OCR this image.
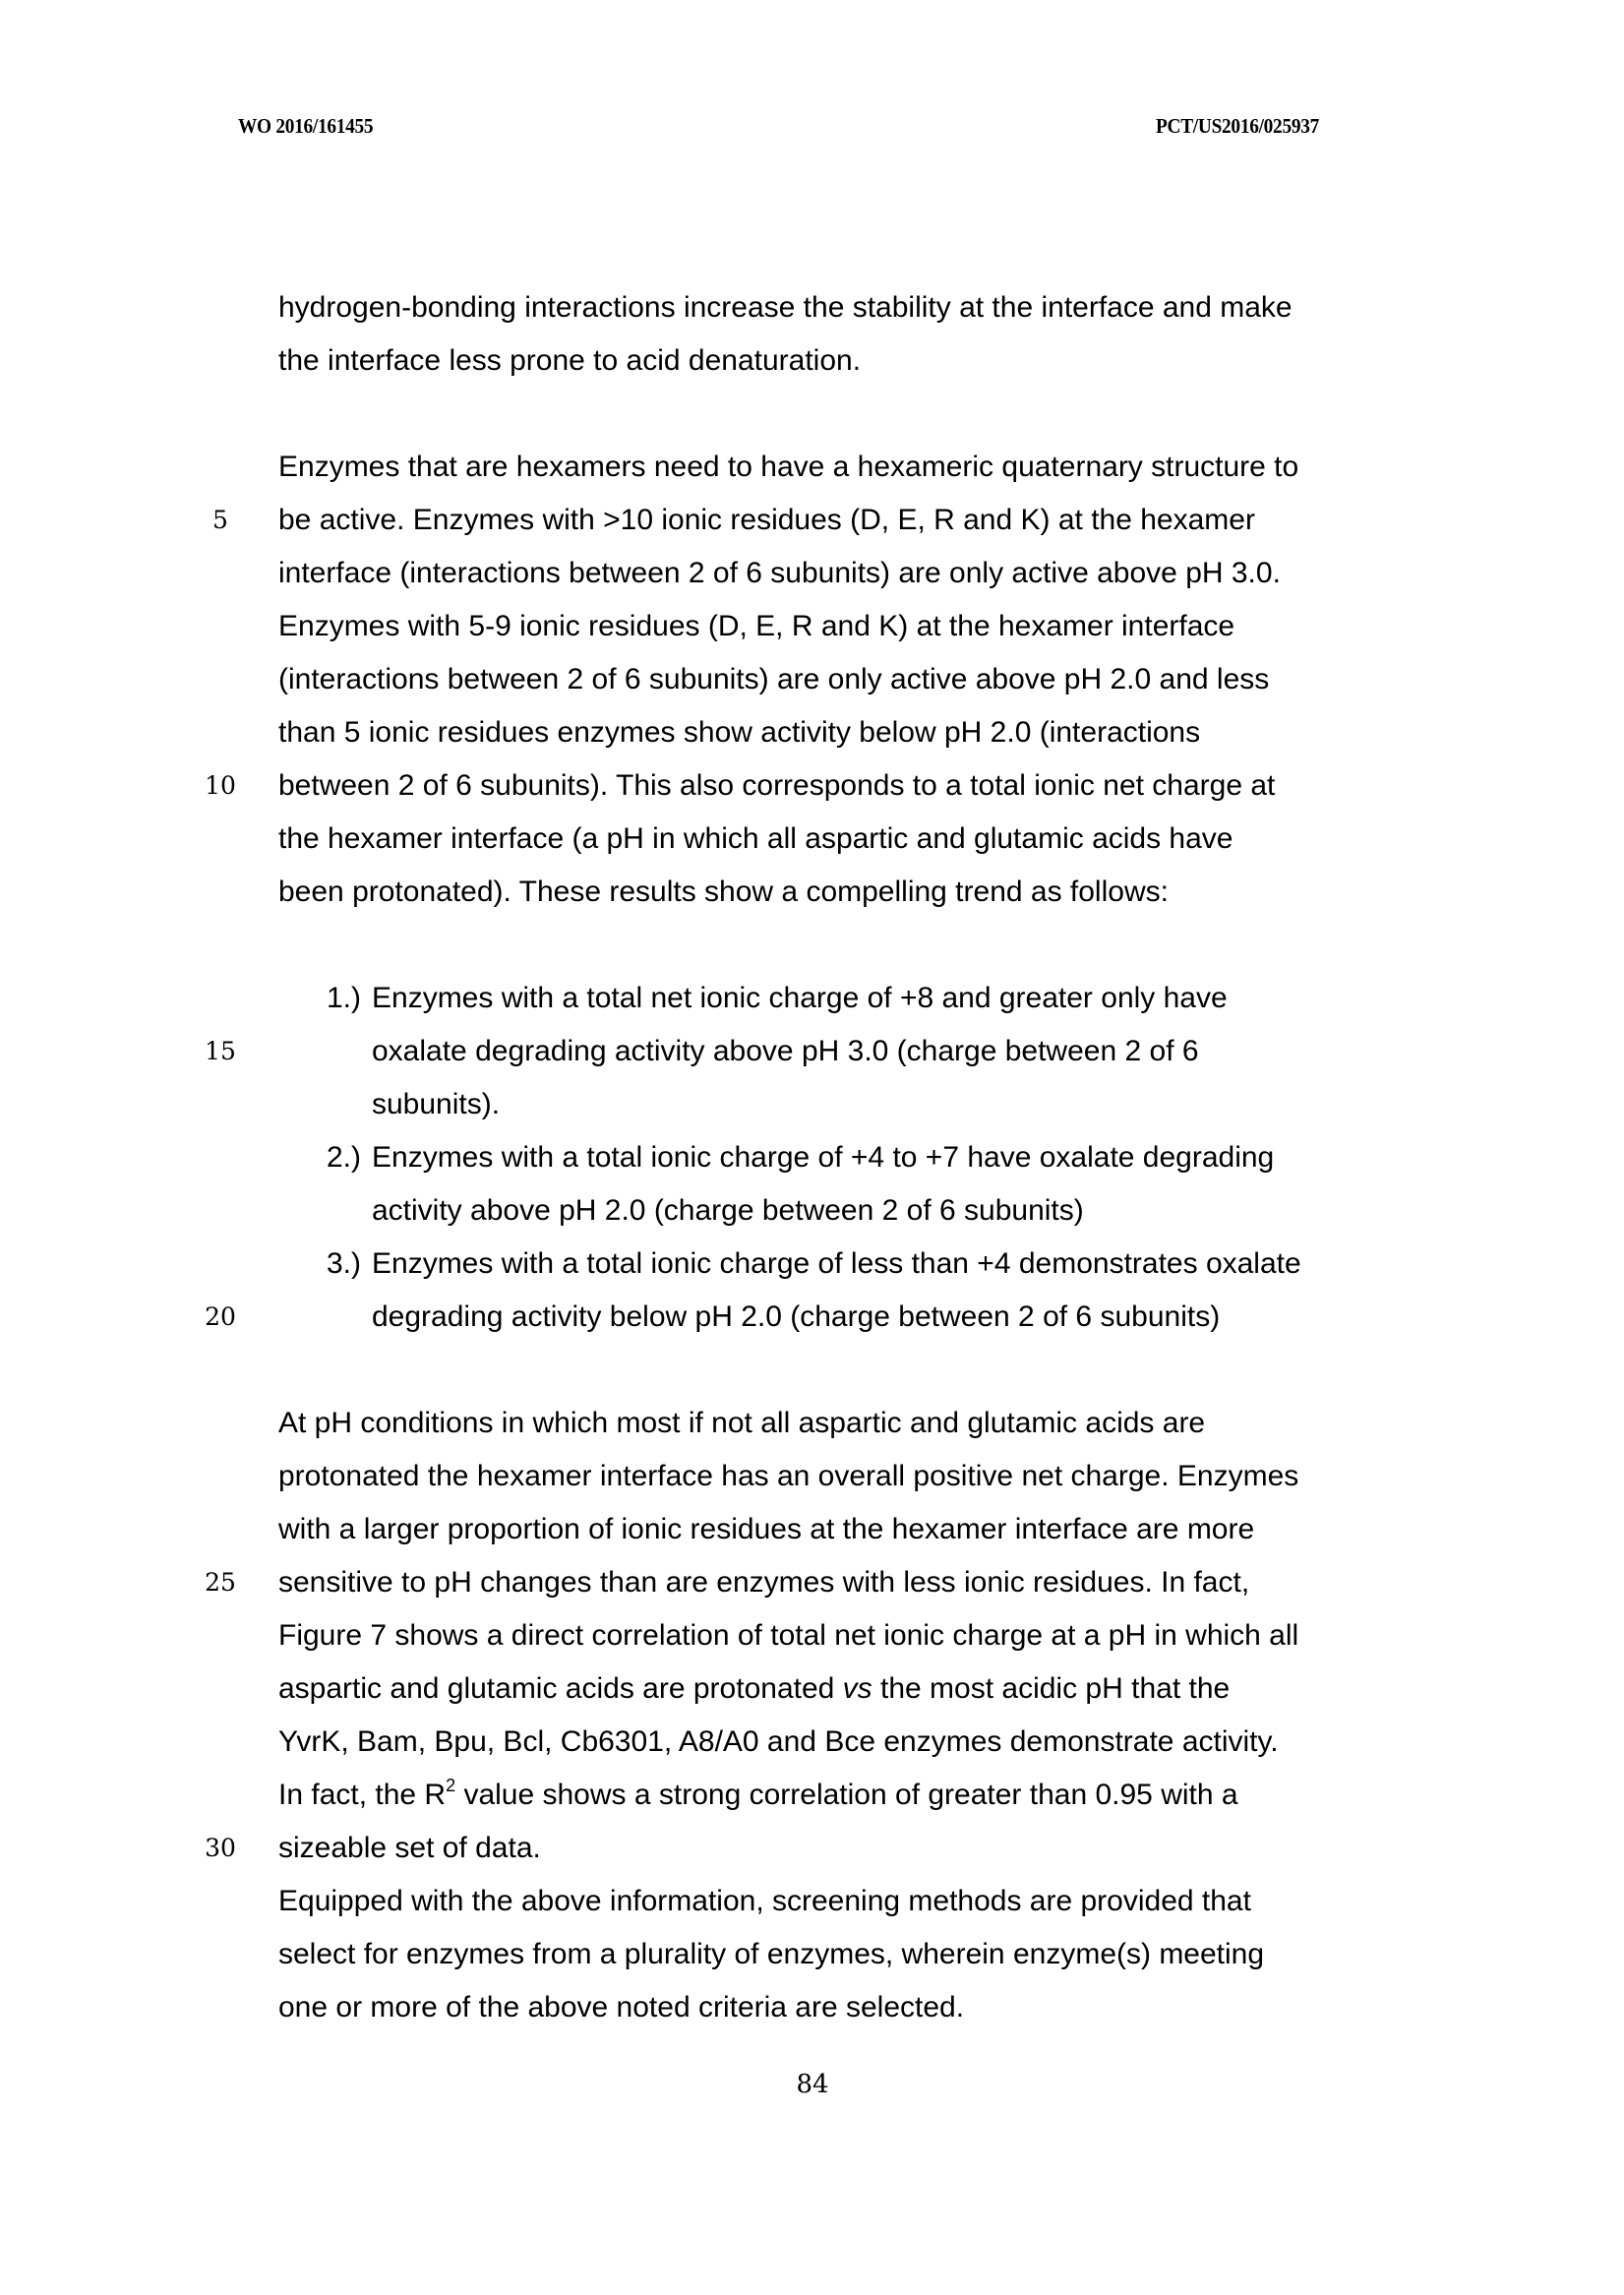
WO 2016/161455	PCT/US2016/025937
hydrogen-bonding interactions increase the stability at the interface and make
the interface less prone to acid denaturation.
Enzymes that are hexamers need to have a hexameric quaternary structure to
5	be active. Enzymes with >10 ionic residues (D, E, R and K) at the hexamer
interface (interactions between 2 of 6 subunits) are only active above pH 3.0.
Enzymes with 5-9 ionic residues (D, E, R and K) at the hexamer interface
(interactions between 2 of 6 subunits) are only active above pH 2.0 and less
than 5 ionic residues enzymes show activity below pH 2.0 (interactions
10 between 2 of 6 subunits). This also corresponds to a total ionic net charge at
the hexamer interface (a pH in which all aspartic and glutamic acids have
been protonated). These results show a compelling trend as follows:
1.) Enzymes with a total net ionic charge of +8 and greater only have
15	oxalate degrading activity above pH 3.0 (charge between 2 of 6
subunits).
2.) Enzymes with a total ionic charge of +4 to +7 have oxalate degrading
activity above pH 2.0 (charge between 2 of 6 subunits)
3.) Enzymes with a total ionic charge of less than +4 demonstrates oxalate
20	degrading activity below pH 2.0 (charge between 2 of 6 subunits)
At pH conditions in which most if not all aspartic and glutamic acids are
protonated the hexamer interface has an overall positive net charge. Enzymes
with a larger proportion of ionic residues at the hexamer interface are more
25 sensitive to pH changes than are enzymes with less ionic residues. In fact,
Figure 7 shows a direct correlation of total net ionic charge at a pH in which all
aspartic and glutamic acids are protonated vs the most acidic pH that the
YvrK, Bam, Bpu, Bcl, Cb6301, A8/A0 and Bce enzymes demonstrate activity.
In fact, the $R^2$ value shows a strong correlation of greater than 0.95 with a
30 sizeable set of data.
Equipped with the above information, screening methods are provided that
select for enzymes from a plurality of enzymes, wherein enzyme(s) meeting
one or more of the above noted criteria are selected.
84
